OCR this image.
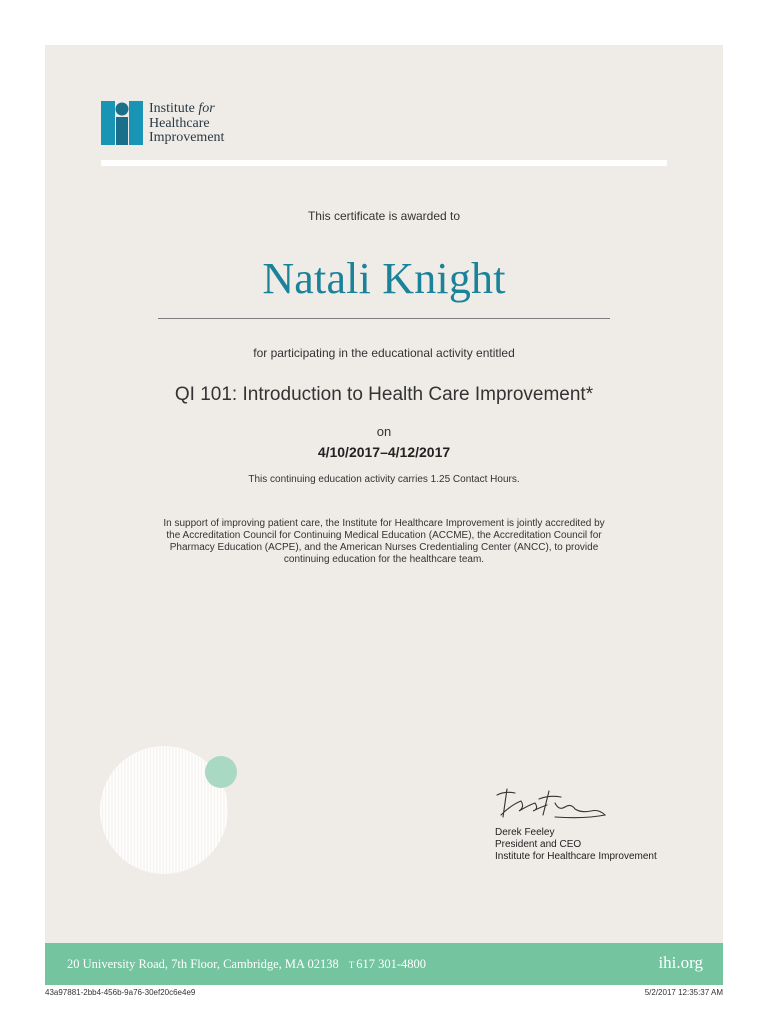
Institute for
Healthcare
Improvement
This certificate is awarded to
Natali Knight
for participating in the educational activity entitled
QI 101: Introduction to Health Care Improvement*
on
4/10/2017–4/12/2017
This continuing education activity carries 1.25 Contact Hours.
In support of improving patient care, the Institute for Healthcare Improvement is jointly accredited by the Accreditation Council for Continuing Medical Education (ACCME), the Accreditation Council for Pharmacy Education (ACPE), and the American Nurses Credentialing Center (ANCC), to provide continuing education for the healthcare team.
Derek Feeley
President and CEO
Institute for Healthcare Improvement
20 University Road, 7th Floor, Cambridge, MA 02138 T 617 301-4800	ihi.org
43a97881-2bb4-456b-9a76-30ef20c6e4e9	5/2/2017 12:35:37 AM
